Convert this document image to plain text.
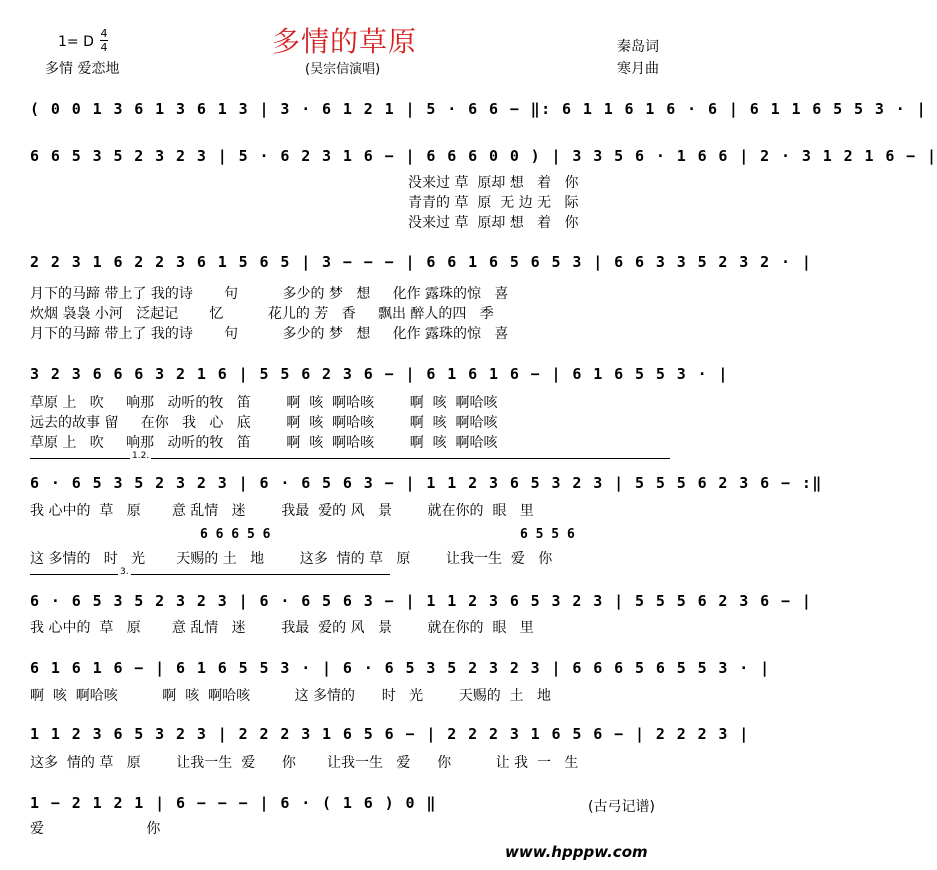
1= D
4
4
多情 爱恋地
多情的草原
(吴宗信演唱)
秦岛词
寒月曲
( 0 0 1 3 6 1 3 6 1 3 | 3 · 6 1 2 1 | 5 · 6 6 − ‖: 6 1 1 6 1 6 · 6 | 6 1 1 6 5 5 3 · |
6 6 5 3 5 2 3 2 3 | 5 · 6 2 3 1 6 − | 6 6 6 0 0 ) | 3 3 5 6 · 1 6 6 | 2 · 3 1 2 1 6 − |
没来过 草  原却 想   着   你
青青的 草  原  无 边 无   际
没来过 草  原却 想   着   你
2 2 3 1 6 2 2 3 6 1 5 6 5 | 3 − − − | 6 6 1 6 5 6 5 3 | 6 6 3 3 5 2 3 2 · |
月下的马蹄 带上了 我的诗       句          多少的 梦   想     化作 露珠的惊   喜
炊烟 袅袅 小河   泛起记       忆          花儿的 芳   香     飘出 醉人的四   季
月下的马蹄 带上了 我的诗       句          多少的 梦   想     化作 露珠的惊   喜
3 2 3 6 6 6 3 2 1 6 | 5 5 6 2 3 6 − | 6 1 6 1 6 − | 6 1 6 5 5 3 · |
草原 上   吹     响那   动听的牧   笛        啊  咳  啊哈咳        啊  咳  啊哈咳
远去的故事 留     在你   我   心   底        啊  咳  啊哈咳        啊  咳  啊哈咳
草原 上   吹     响那   动听的牧   笛        啊  咳  啊哈咳        啊  咳  啊哈咳
1.2.
6 · 6 5 3 5 2 3 2 3 | 6 · 6 5 6 3 − | 1 1 2 3 6 5 3 2 3 | 5 5 5 6 2 3 6 − :‖
我 心中的  草   原       意 乱情   迷        我最  爱的 风   景        就在你的  眼   里
6 6 6 5 6	6 5 5 6
这 多情的   时   光       天赐的 土   地        这多  情的 草   原        让我一生  爱   你
3.
6 · 6 5 3 5 2 3 2 3 | 6 · 6 5 6 3 − | 1 1 2 3 6 5 3 2 3 | 5 5 5 6 2 3 6 − |
我 心中的  草   原       意 乱情   迷        我最  爱的 风   景        就在你的  眼   里
6 1 6 1 6 − | 6 1 6 5 5 3 · | 6 · 6 5 3 5 2 3 2 3 | 6 6 6 5 6 5 5 3 · |
啊  咳  啊哈咳          啊  咳  啊哈咳          这 多情的      时   光        天赐的  土   地
1 1 2 3 6 5 3 2 3 | 2 2 2 3 1 6 5 6 − | 2 2 2 3 1 6 5 6 − | 2 2 2 3 |
这多  情的 草   原        让我一生  爱      你       让我一生   爱      你          让 我  一   生
1 − 2 1 2 1 | 6 − − − | 6 · ( 1 6 ) 0 ‖	(古弓记谱)
爱                       你
www.hpppw.com
